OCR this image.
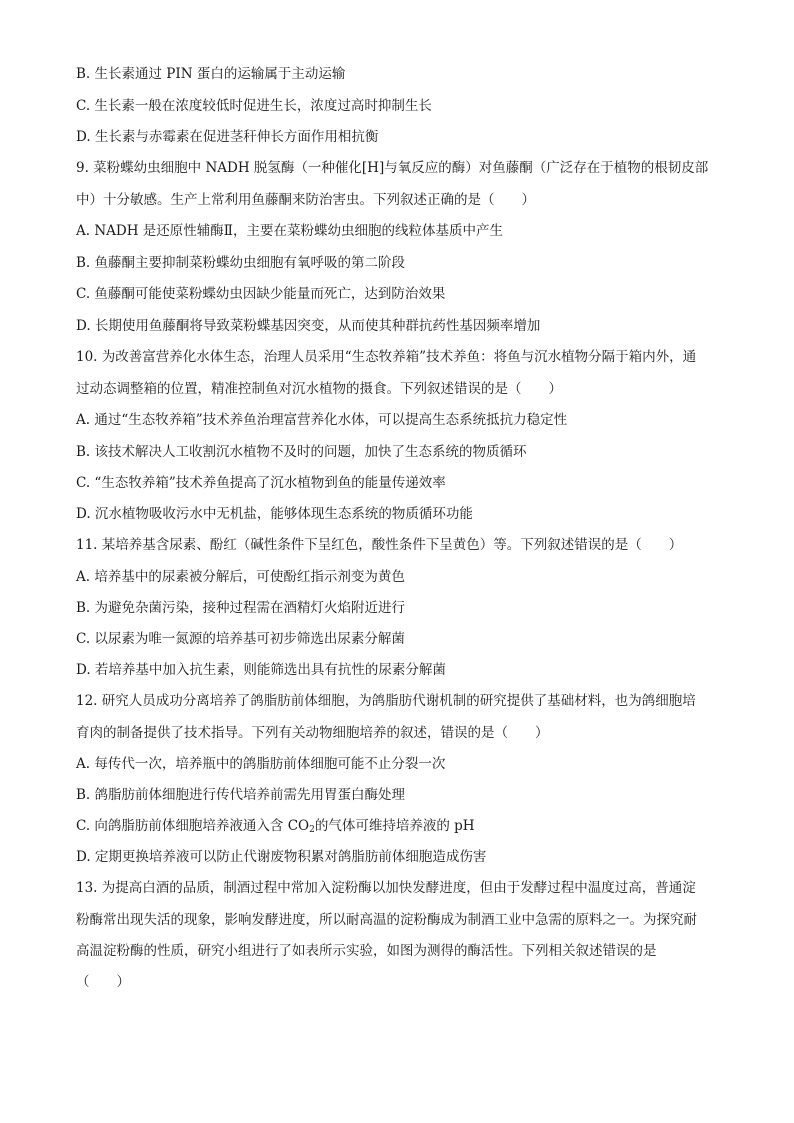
B. 生长素通过 PIN 蛋白的运输属于主动运输
C. 生长素一般在浓度较低时促进生长，浓度过高时抑制生长
D. 生长素与赤霉素在促进茎秆伸长方面作用相抗衡
9. 菜粉蝶幼虫细胞中 NADH 脱氢酶（一种催化[H]与氧反应的酶）对鱼藤酮（广泛存在于植物的根韧皮部
中）十分敏感。生产上常利用鱼藤酮来防治害虫。下列叙述正确的是（　　）
A. NADH 是还原性辅酶Ⅱ，主要在菜粉蝶幼虫细胞的线粒体基质中产生
B. 鱼藤酮主要抑制菜粉蝶幼虫细胞有氧呼吸的第二阶段
C. 鱼藤酮可能使菜粉蝶幼虫因缺少能量而死亡，达到防治效果
D. 长期使用鱼藤酮将导致菜粉蝶基因突变，从而使其种群抗药性基因频率增加
10. 为改善富营养化水体生态，治理人员采用“生态牧养箱”技术养鱼：将鱼与沉水植物分隔于箱内外，通
过动态调整箱的位置，精准控制鱼对沉水植物的摄食。下列叙述错误的是（　　）
A. 通过“生态牧养箱”技术养鱼治理富营养化水体，可以提高生态系统抵抗力稳定性
B. 该技术解决人工收割沉水植物不及时的问题，加快了生态系统的物质循环
C. “生态牧养箱”技术养鱼提高了沉水植物到鱼的能量传递效率
D. 沉水植物吸收污水中无机盐，能够体现生态系统的物质循环功能
11. 某培养基含尿素、酚红（碱性条件下呈红色，酸性条件下呈黄色）等。下列叙述错误的是（　　）
A. 培养基中的尿素被分解后，可使酚红指示剂变为黄色
B. 为避免杂菌污染，接种过程需在酒精灯火焰附近进行
C. 以尿素为唯一氮源的培养基可初步筛选出尿素分解菌
D. 若培养基中加入抗生素，则能筛选出具有抗性的尿素分解菌
12. 研究人员成功分离培养了鸽脂肪前体细胞，为鸽脂肪代谢机制的研究提供了基础材料，也为鸽细胞培
育肉的制备提供了技术指导。下列有关动物细胞培养的叙述，错误的是（　　）
A. 每传代一次，培养瓶中的鸽脂肪前体细胞可能不止分裂一次
B. 鸽脂肪前体细胞进行传代培养前需先用胃蛋白酶处理
C. 向鸽脂肪前体细胞培养液通入含 $CO_2$的气体可维持培养液的 pH
D. 定期更换培养液可以防止代谢废物积累对鸽脂肪前体细胞造成伤害
13. 为提高白酒的品质，制酒过程中常加入淀粉酶以加快发酵进度，但由于发酵过程中温度过高，普通淀
粉酶常出现失活的现象，影响发酵进度，所以耐高温的淀粉酶成为制酒工业中急需的原料之一。为探究耐
高温淀粉酶的性质，研究小组进行了如表所示实验，如图为测得的酶活性。下列相关叙述错误的是
（　　）
